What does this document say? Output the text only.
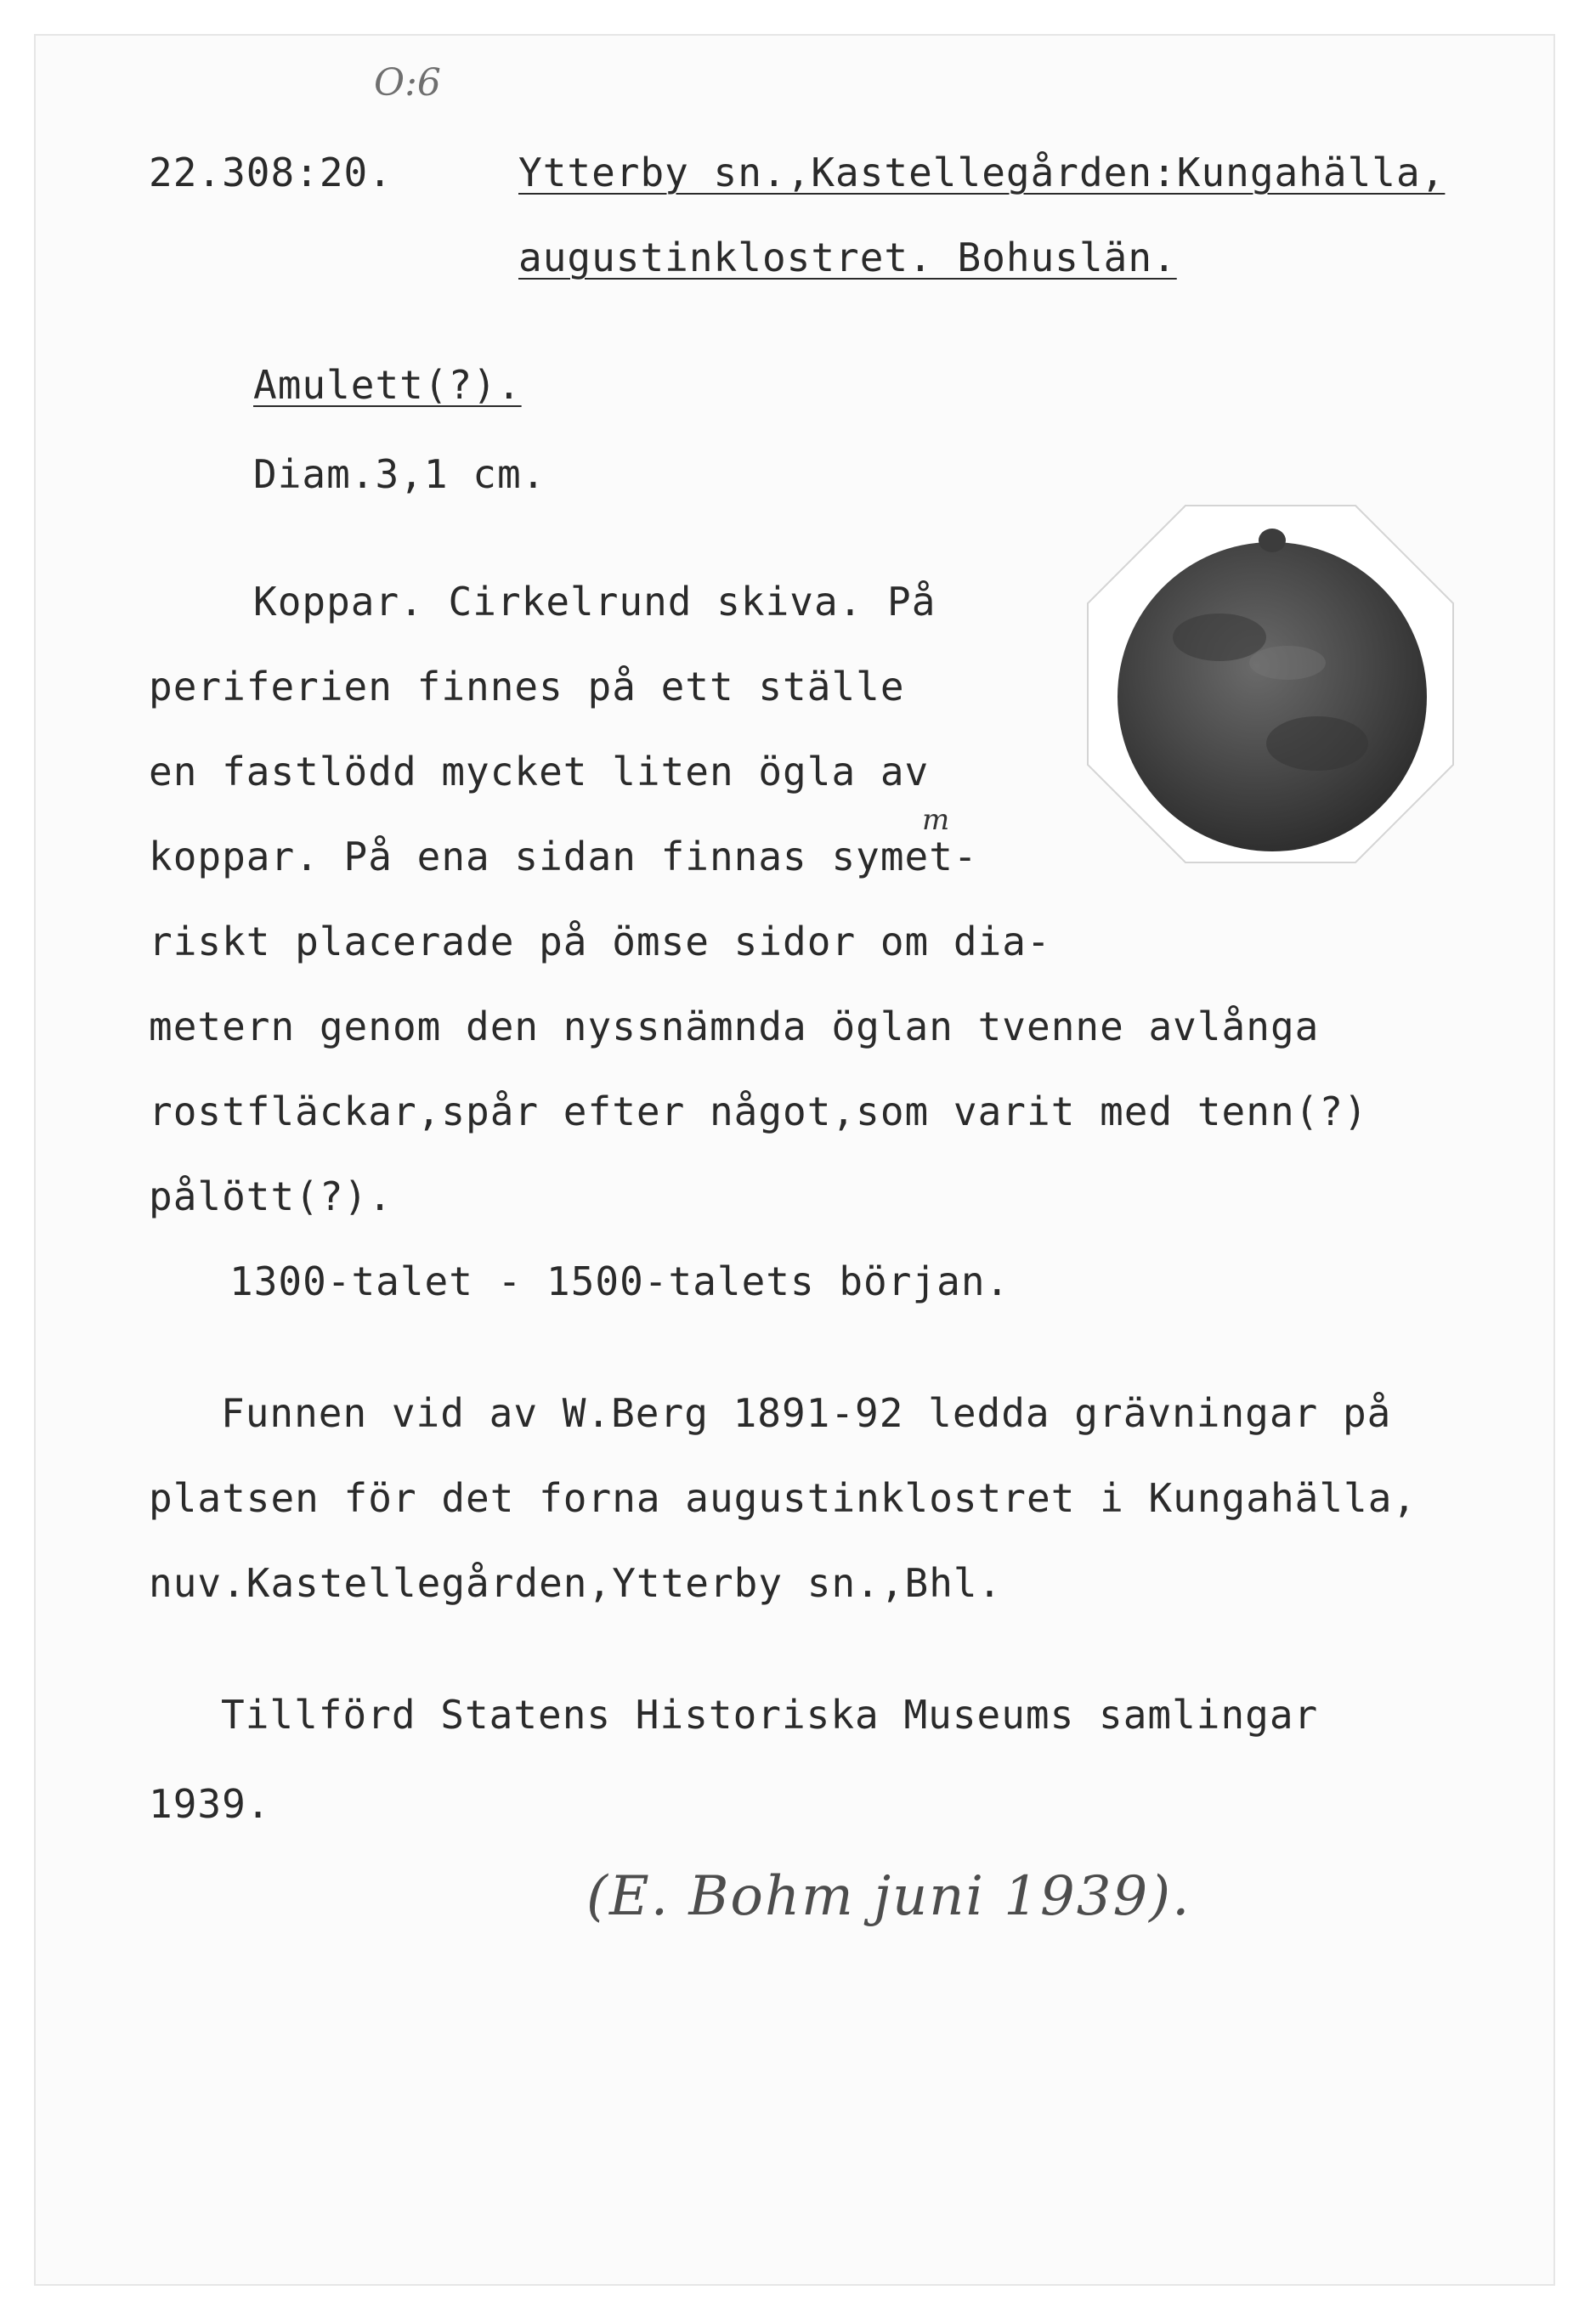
O:6
22.308:20.	Ytterby sn.,Kastellegården:Kungahälla,
augustinklostret. Bohuslän.
Amulett(?).
Diam.3,1 cm.
Koppar. Cirkelrund skiva. På
periferien finnes på ett ställe
en fastlödd mycket liten ögla av
koppar. På ena sidan finnas symet-
m
riskt placerade på ömse sidor om dia-
metern genom den nyssnämnda öglan tvenne avlånga
rostfläckar,spår efter något,som varit med tenn(?)
pålött(?).
1300-talet - 1500-talets början.
Funnen vid av W.Berg 1891-92 ledda grävningar på
platsen för det forna augustinklostret i Kungahälla,
nuv.Kastellegården,Ytterby sn.,Bhl.
Tillförd Statens Historiska Museums samlingar
1939.
(E. Bohm juni 1939).
